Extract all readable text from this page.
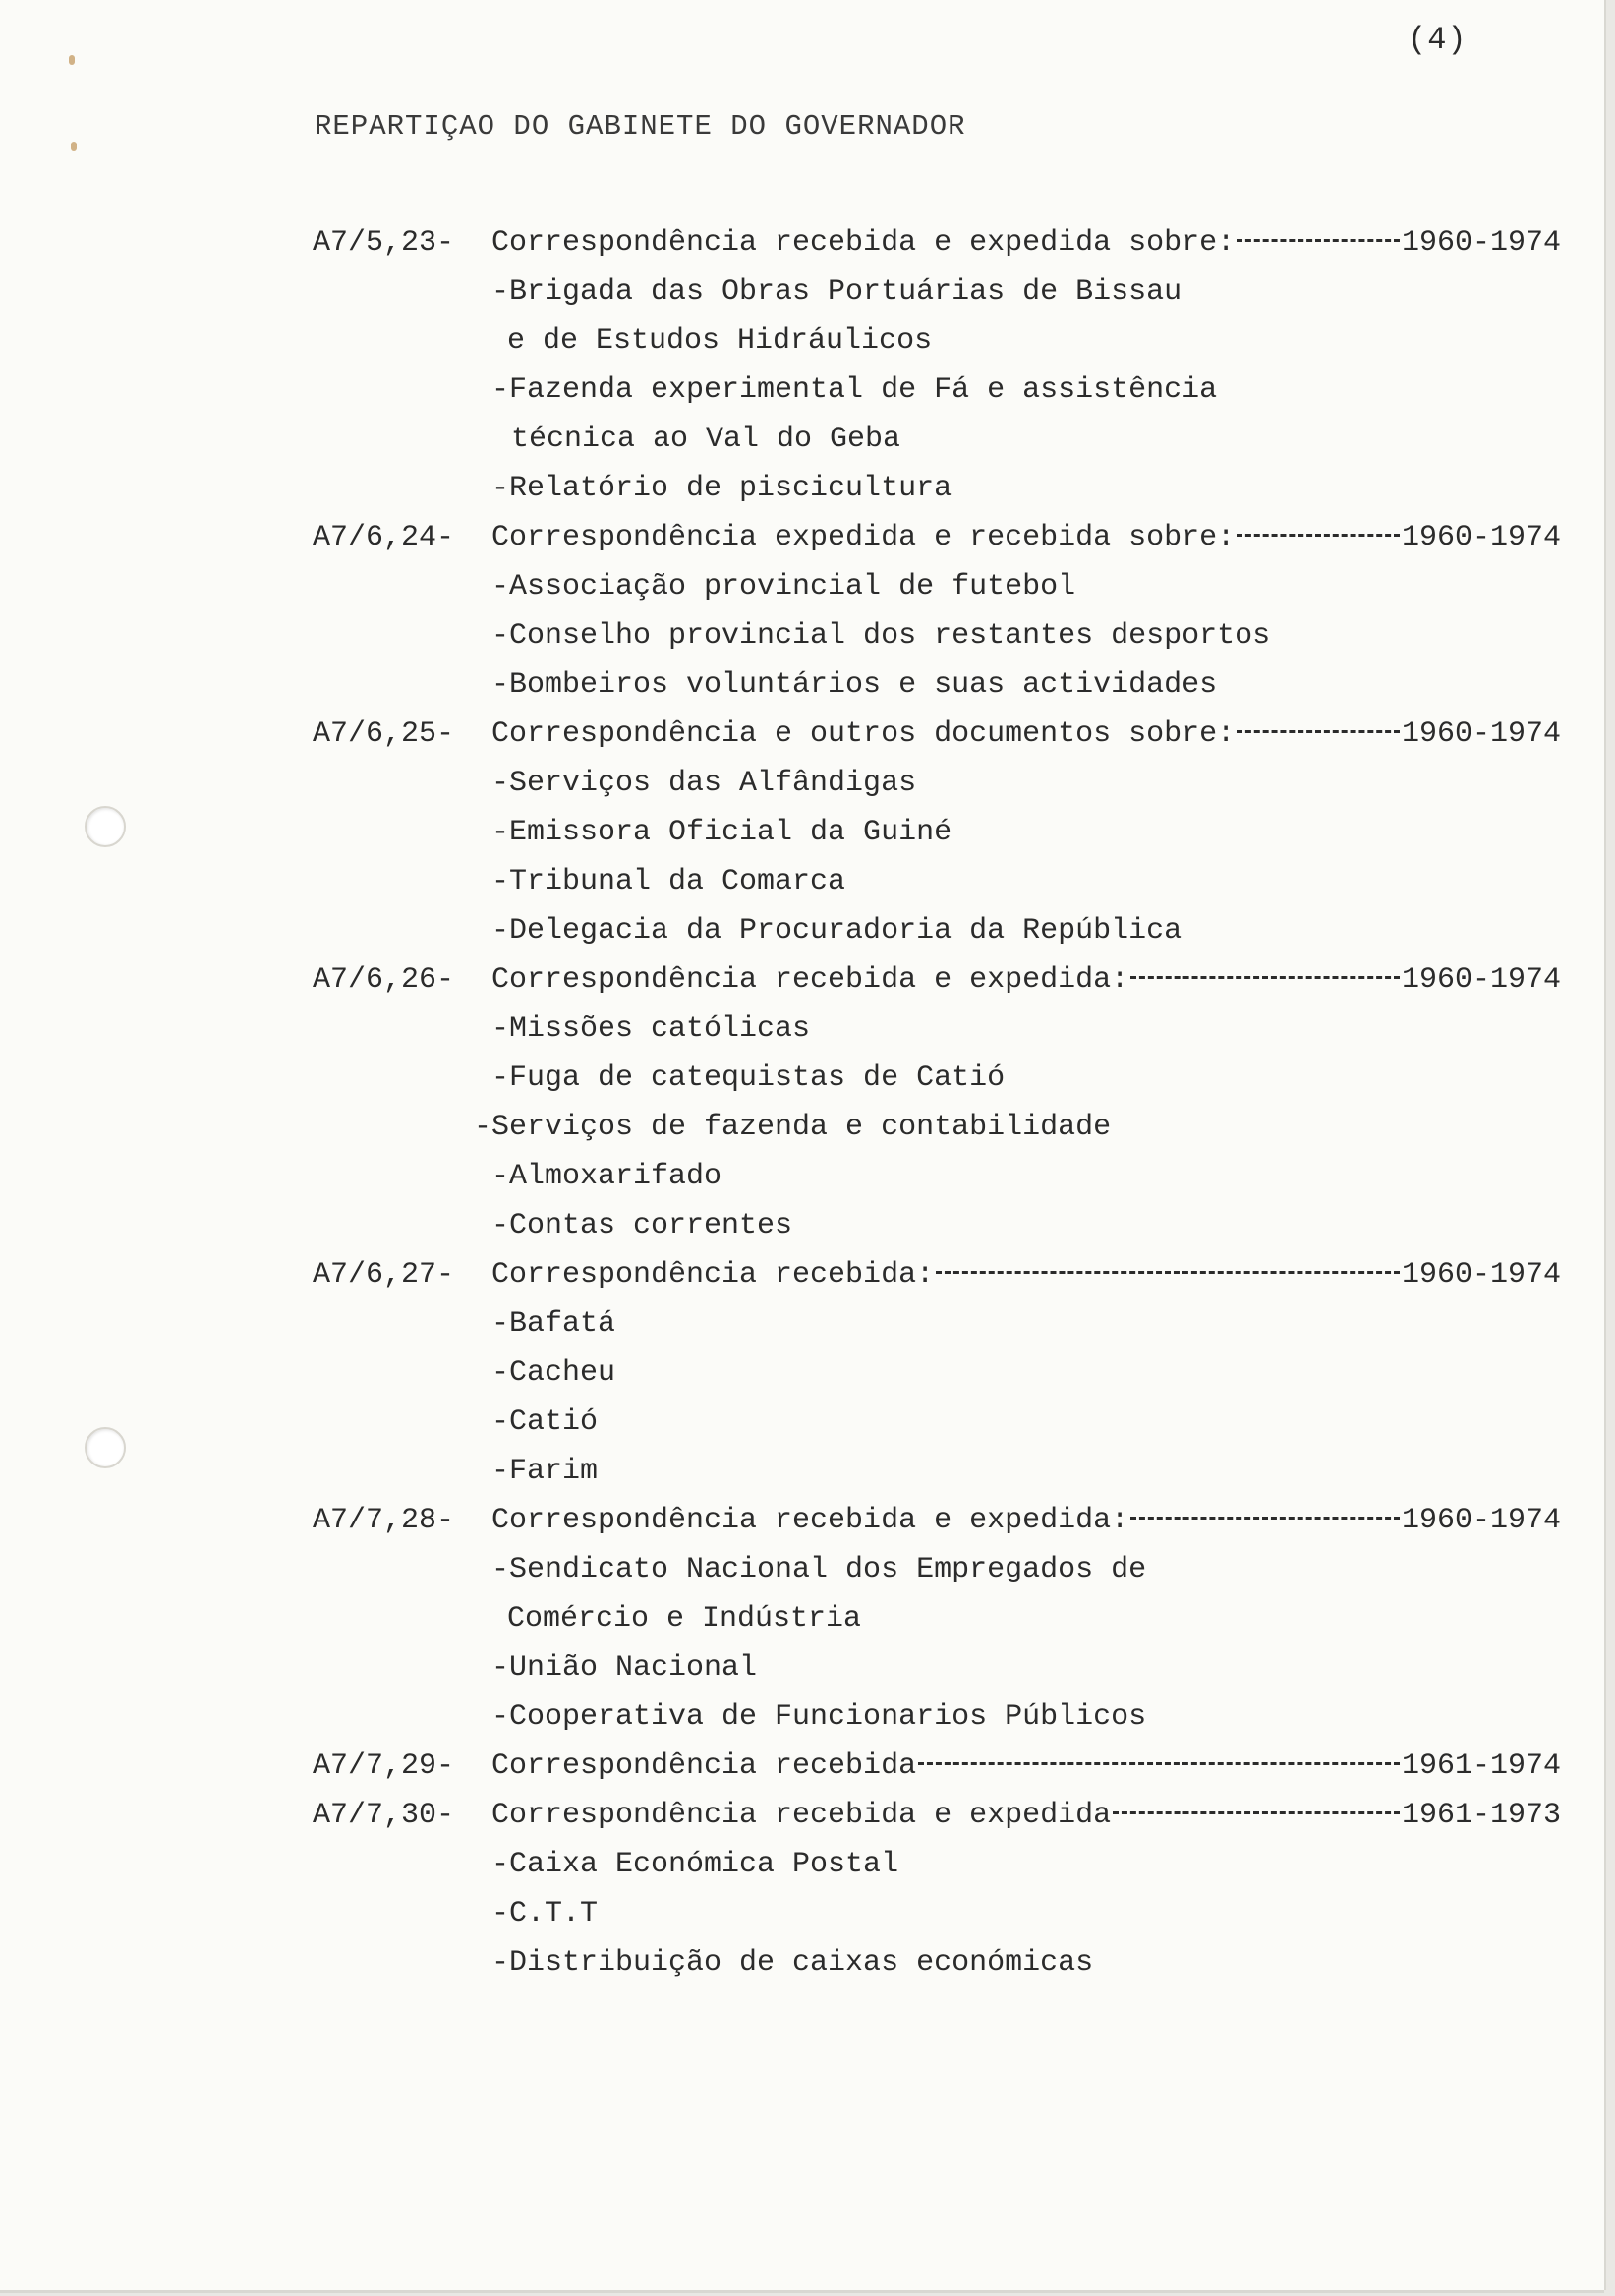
(4)
REPARTIÇAO DO GABINETE DO GOVERNADOR
A7/5,23-	Correspondência recebida e expedida sobre:	1960-1974
-Brigada das Obras Portuárias de Bissau
e de Estudos Hidráulicos
-Fazenda experimental de Fá e assistência
técnica ao Val do Geba
-Relatório de piscicultura
A7/6,24-	Correspondência expedida e recebida sobre:	1960-1974
-Associação provincial de futebol
-Conselho provincial dos restantes desportos
-Bombeiros voluntários e suas actividades
A7/6,25-	Correspondência e outros documentos sobre:	1960-1974
-Serviços das Alfândigas
-Emissora Oficial da Guiné
-Tribunal da Comarca
-Delegacia da Procuradoria da República
A7/6,26-	Correspondência recebida e expedida:	1960-1974
-Missões católicas
-Fuga de catequistas de Catió
-Serviços de fazenda e contabilidade
-Almoxarifado
-Contas correntes
A7/6,27-	Correspondência recebida:	1960-1974
-Bafatá
-Cacheu
-Catió
-Farim
A7/7,28-	Correspondência recebida e expedida:	1960-1974
-Sendicato Nacional dos Empregados de
Comércio e Indústria
-União Nacional
-Cooperativa de Funcionarios Públicos
A7/7,29-	Correspondência recebida	1961-1974
A7/7,30-	Correspondência recebida e expedida	1961-1973
-Caixa Económica Postal
-C.T.T
-Distribuição de caixas económicas
